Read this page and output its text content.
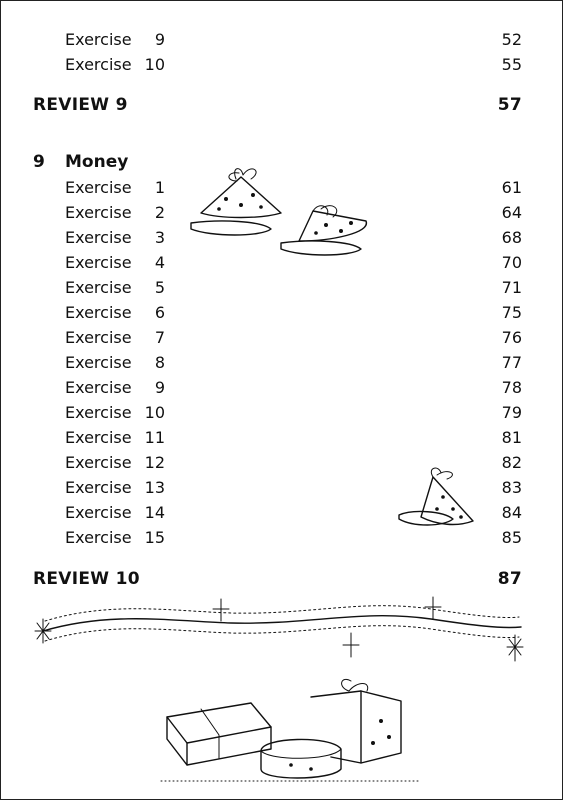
Exercise 9	52
Exercise 10	55
REVIEW 9	57
9 Money
Exercise 1	61
Exercise 2	64
Exercise 3	68
Exercise 4	70
Exercise 5	71
Exercise 6	75
Exercise 7	76
Exercise 8	77
Exercise 9	78
Exercise 10	79
Exercise 11	81
Exercise 12	82
Exercise 13	83
Exercise 14	84
Exercise 15	85
REVIEW 10	87
